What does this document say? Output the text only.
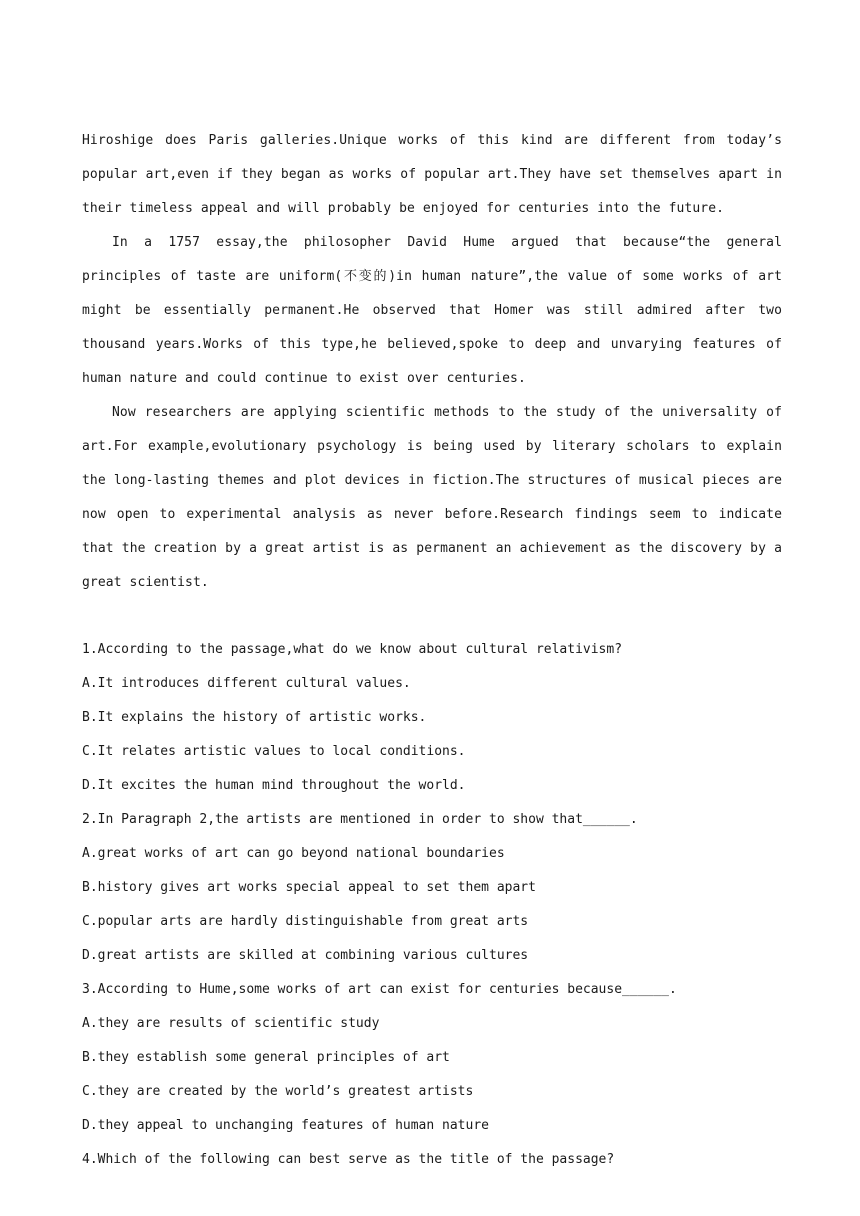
Hiroshige does Paris galleries.Unique works of this kind are different from today’s popular art,even if they began as works of popular art.They have set themselves apart in their timeless appeal and will probably be enjoyed for centuries into the future.

In a 1757 essay,the philosopher David Hume argued that because“the general principles of taste are uniform(不变的)in human nature”,the value of some works of art might be essentially permanent.He observed that Homer was still admired after two thousand years.Works of this type,he believed,spoke to deep and unvarying features of human nature and could continue to exist over centuries.

Now researchers are applying scientific methods to the study of the universality of art.For example,evolutionary psychology is being used by literary scholars to explain the long-lasting themes and plot devices in fiction.The structures of musical pieces are now open to experimental analysis as never before.Research findings seem to indicate that the creation by a great artist is as permanent an achievement as the discovery by a great scientist.

1.According to the passage,what do we know about cultural relativism?

A.It introduces different cultural values.

B.It explains the history of artistic works.

C.It relates artistic values to local conditions.

D.It excites the human mind throughout the world.

2.In Paragraph 2,the artists are mentioned in order to show that______.

A.great works of art can go beyond national boundaries

B.history gives art works special appeal to set them apart

C.popular arts are hardly distinguishable from great arts

D.great artists are skilled at combining various cultures

3.According to Hume,some works of art can exist for centuries because______.

A.they are results of scientific study

B.they establish some general principles of art

C.they are created by the world’s greatest artists

D.they appeal to unchanging features of human nature

4.Which of the following can best serve as the title of the passage?
